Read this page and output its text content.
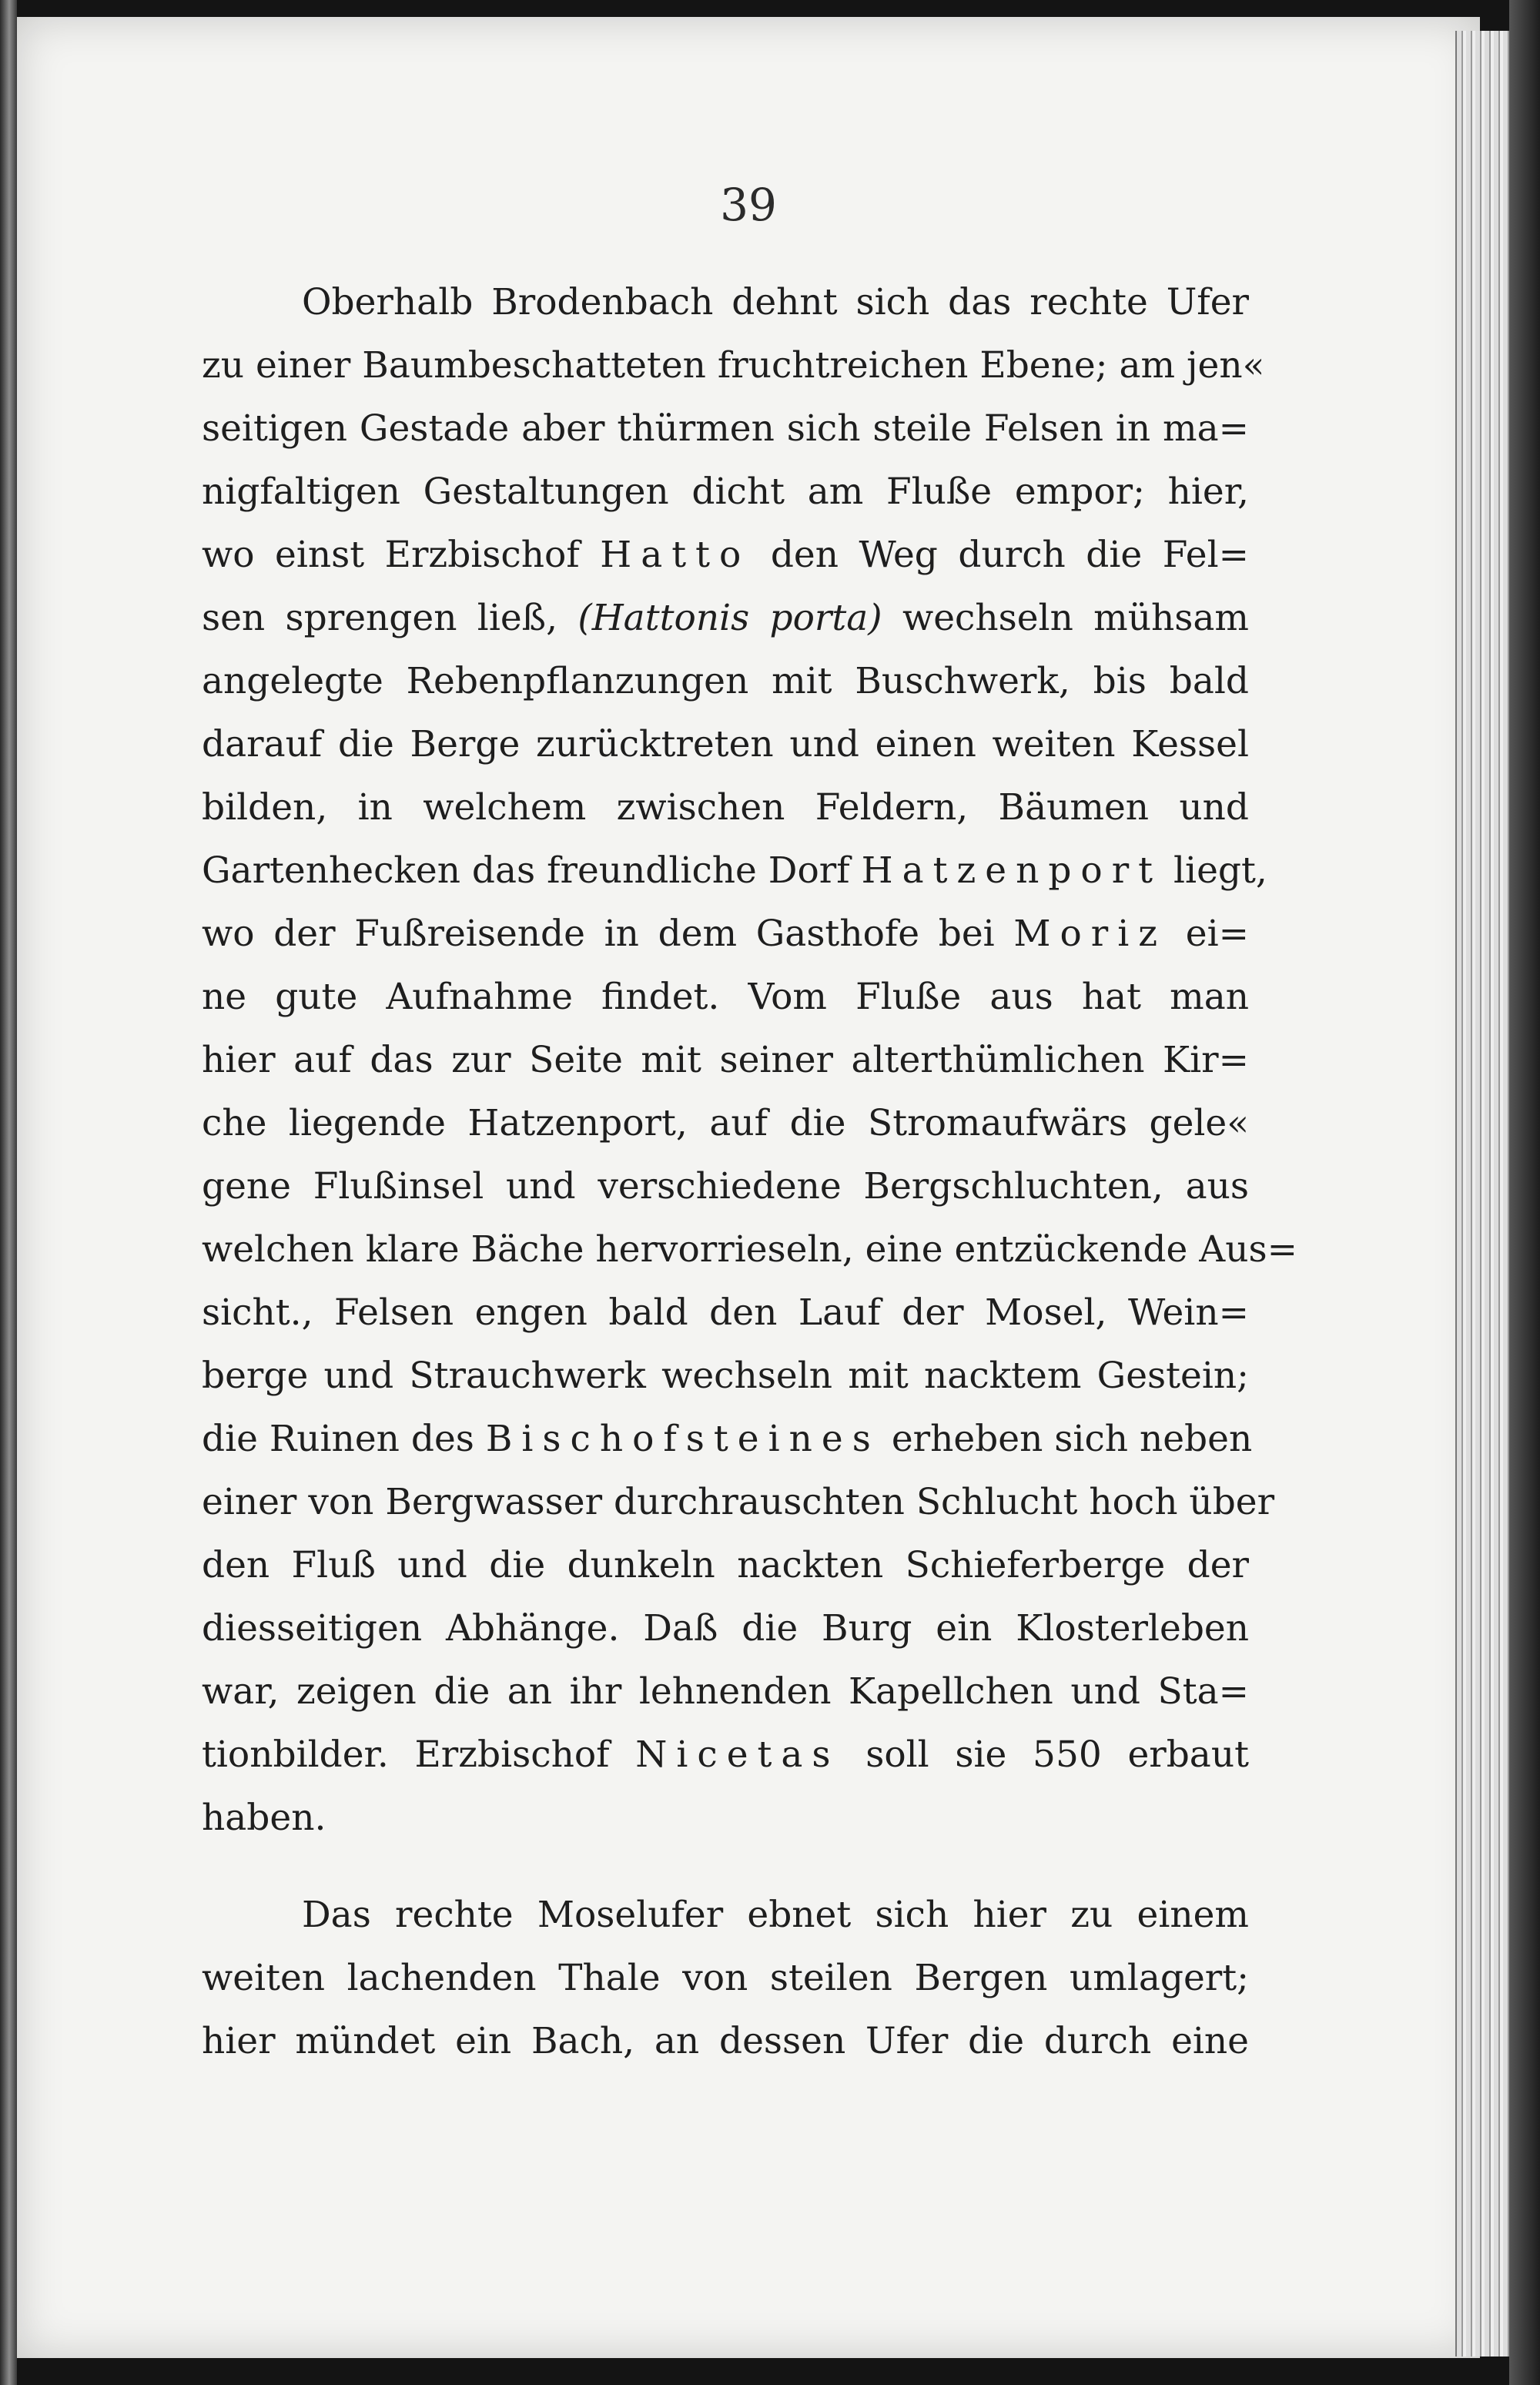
39
Oberhalb Brodenbach dehnt sich das rechte Ufer
zu einer Baumbeschatteten fruchtreichen Ebene; am jen«
seitigen Gestade aber thürmen sich steile Felsen in ma=
nigfaltigen Gestaltungen dicht am Fluße empor; hier,
wo einst Erzbischof Hatto den Weg durch die Fel=
sen sprengen ließ, (Hattonis porta) wechseln mühsam
angelegte Rebenpflanzungen mit Buschwerk, bis bald
darauf die Berge zurücktreten und einen weiten Kessel
bilden, in welchem zwischen Feldern, Bäumen und
Gartenhecken das freundliche Dorf Hatzenport liegt,
wo der Fußreisende in dem Gasthofe bei Moriz ei=
ne gute Aufnahme findet. Vom Fluße aus hat man
hier auf das zur Seite mit seiner alterthümlichen Kir=
che liegende Hatzenport, auf die Stromaufwärs gele«
gene Flußinsel und verschiedene Bergschluchten, aus
welchen klare Bäche hervorrieseln, eine entzückende Aus=
sicht., Felsen engen bald den Lauf der Mosel, Wein=
berge und Strauchwerk wechseln mit nacktem Gestein;
die Ruinen des Bischofsteines erheben sich neben
einer von Bergwasser durchrauschten Schlucht hoch über
den Fluß und die dunkeln nackten Schieferberge der
diesseitigen Abhänge. Daß die Burg ein Klosterleben
war, zeigen die an ihr lehnenden Kapellchen und Sta=
tionbilder. Erzbischof Nicetas soll sie 550 erbaut
haben.
Das rechte Moselufer ebnet sich hier zu einem
weiten lachenden Thale von steilen Bergen umlagert;
hier mündet ein Bach, an dessen Ufer die durch eine
